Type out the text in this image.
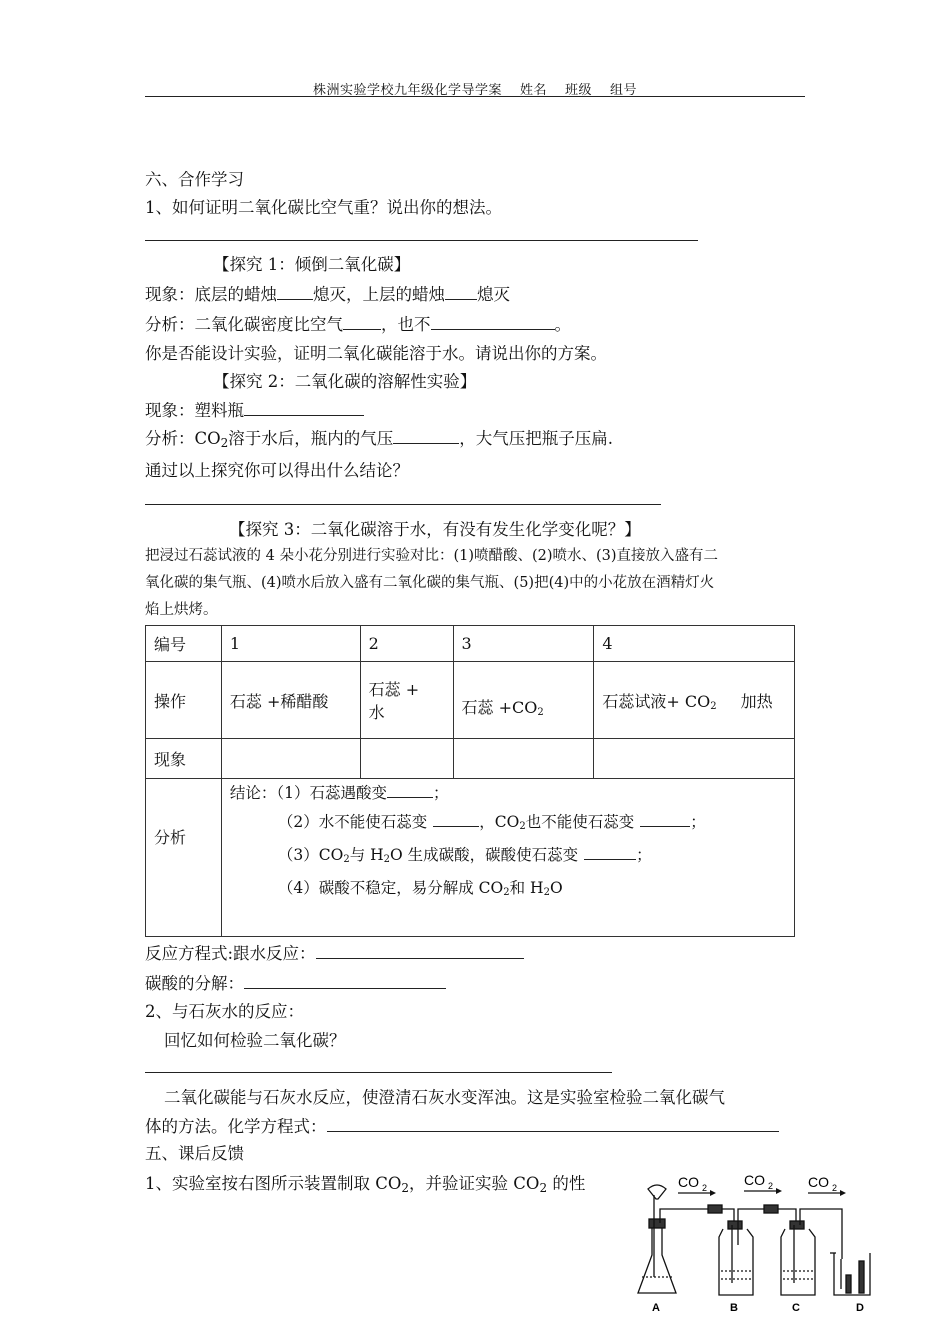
株洲实验学校九年级化学导学案 姓名 班级 组号
六、合作学习
1、如何证明二氧化碳比空气重？说出你的想法。
【探究 1：倾倒二氧化碳】
现象：底层的蜡烛 熄灭，上层的蜡烛 熄灭
分析：二氧化碳密度比空气 ，也不	。
你是否能设计实验，证明二氧化碳能溶于水。请说出你的方案。
【探究 2：二氧化碳的溶解性实验】
现象：塑料瓶
分析：CO2溶于水后，瓶内的气压	，大气压把瓶子压扁.
通过以上探究你可以得出什么结论？
【探究 3：二氧化碳溶于水，有没有发生化学变化呢？】
把浸过石蕊试液的 4 朵小花分别进行实验对比：(1)喷醋酸、(2)喷水、(3)直接放入盛有二
氧化碳的集气瓶、(4)喷水后放入盛有二氧化碳的集气瓶、(5)把(4)中的小花放在酒精灯火
焰上烘烤。
编号	1	2	3	4
操作	石蕊 +稀醋酸	石蕊 +
水	石蕊 $+CO_2$	石蕊试液+ $CO_2$ 加热
现象				
分析	结论：（1）石蕊遇酸变 ；
（2）水不能使石蕊变 ，$CO_2$也不能使石蕊变 ；
$(3)CO_2$与 $H_2O$ 生成碳酸，碳酸使石蕊变 ；
（4）碳酸不稳定，易分解成 $CO_2$和 $H_2O$			
反应方程式:跟水反应：
碳酸的分解：
2、与石灰水的反应：
回忆如何检验二氧化碳？
二氧化碳能与石灰水反应，使澄清石灰水变浑浊。这是实验室检验二氧化碳气
体的方法。化学方程式：
五、课后反馈
1、实验室按右图所示装置制取 CO2，并验证实验 CO2 的性	CO 2	CO 2 CO 2
A	B	C	D
